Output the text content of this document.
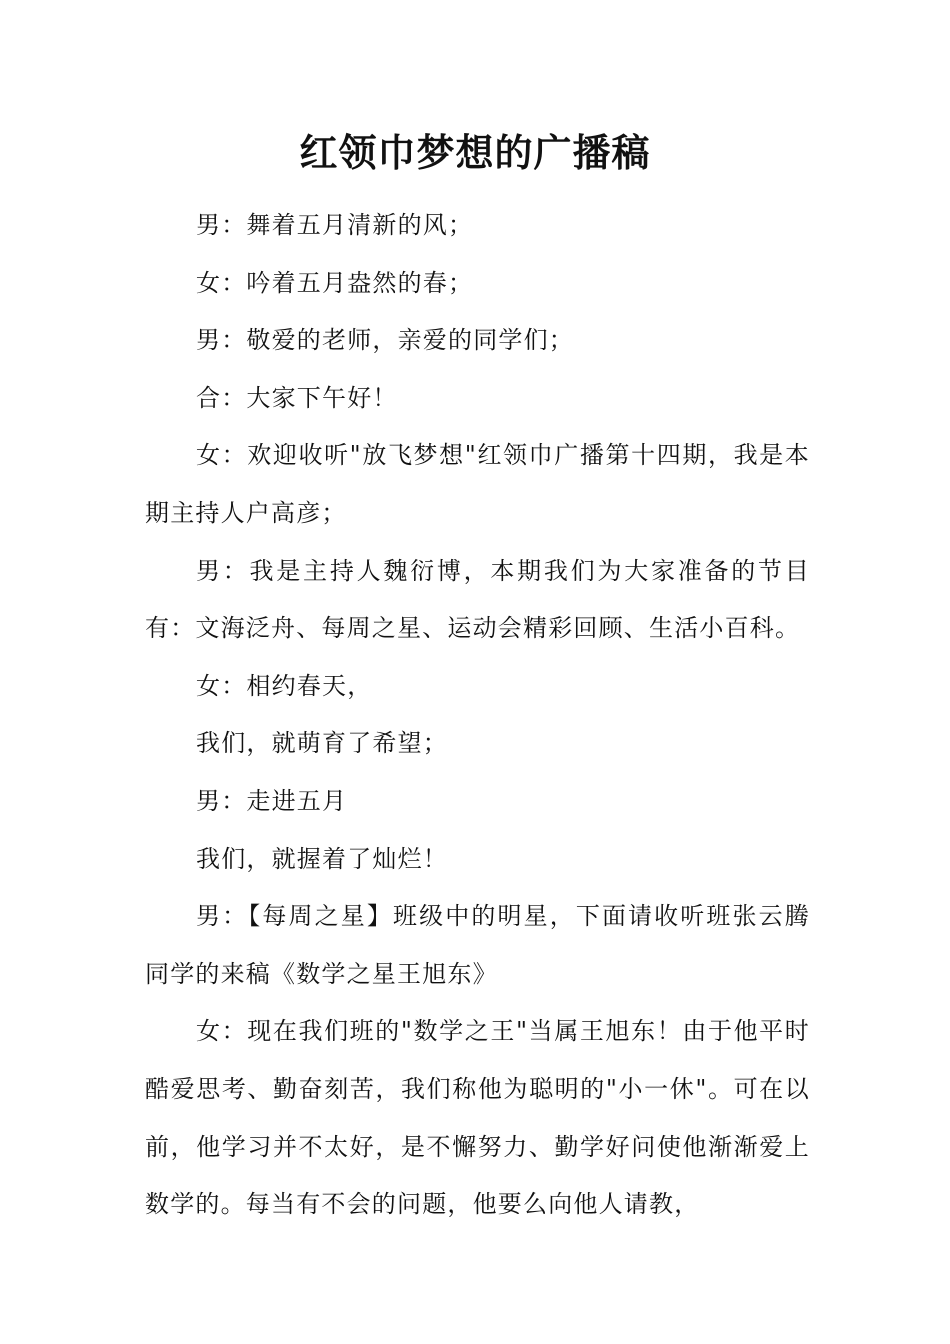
红领巾梦想的广播稿

男：舞着五月清新的风；

女：吟着五月盎然的春；

男：敬爱的老师，亲爱的同学们；

合：大家下午好！

女：欢迎收听"放飞梦想"红领巾广播第十四期，我是本期主持人户高彦；

男：我是主持人魏衍博，本期我们为大家准备的节目有：文海泛舟、每周之星、运动会精彩回顾、生活小百科。

女：相约春天，

我们，就萌育了希望；

男：走进五月

我们，就握着了灿烂！

男：【每周之星】班级中的明星，下面请收听班张云腾同学的来稿《数学之星王旭东》

女：现在我们班的"数学之王"当属王旭东！由于他平时酷爱思考、勤奋刻苦，我们称他为聪明的"小一休"。可在以前，他学习并不太好，是不懈努力、勤学好问使他渐渐爱上数学的。每当有不会的问题，他要么向他人请教，
